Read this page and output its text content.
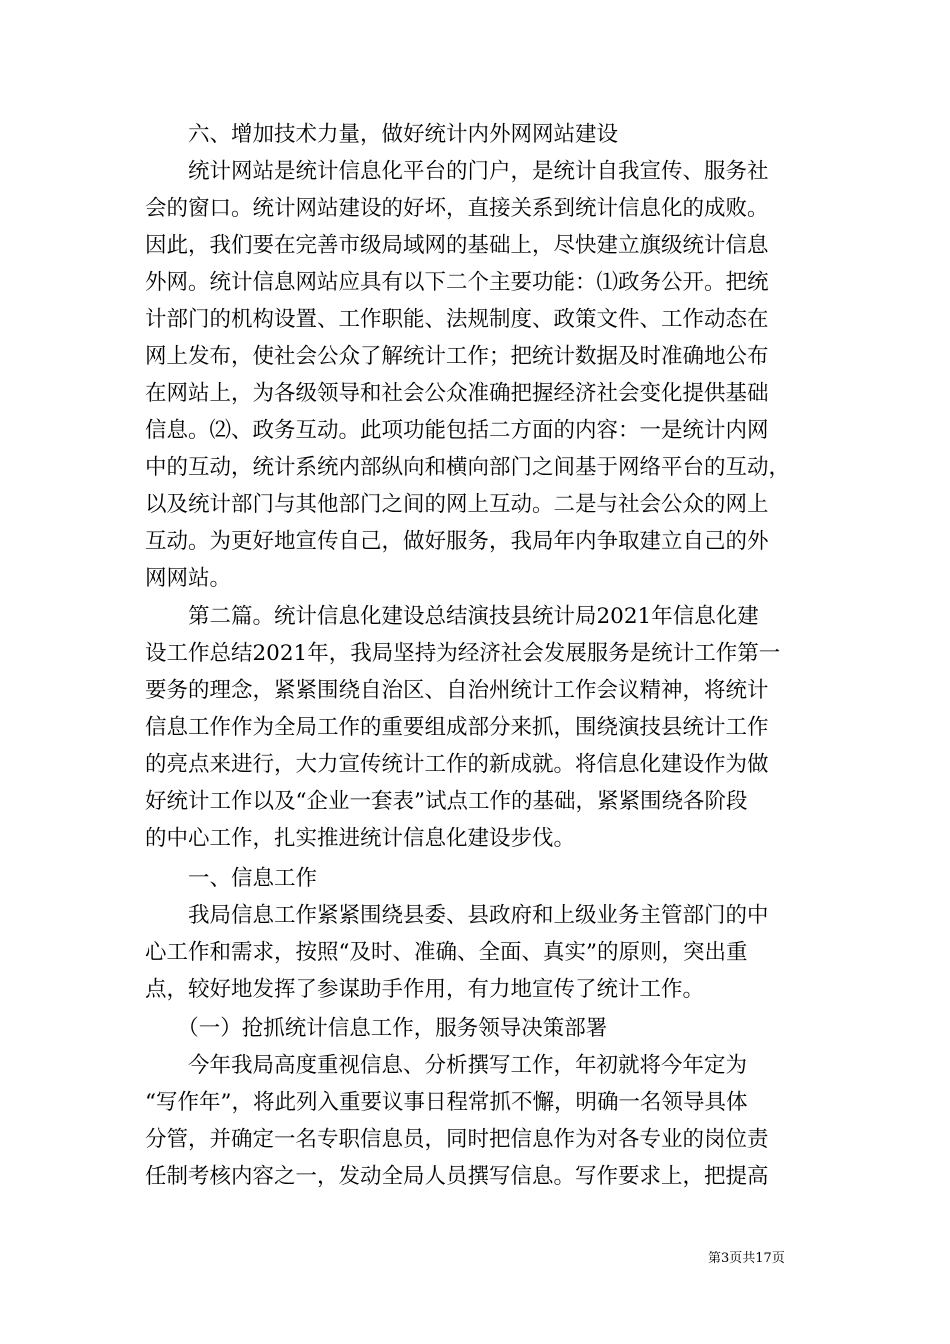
　　六、增加技术力量，做好统计内外网网站建设
　　统计网站是统计信息化平台的门户，是统计自我宣传、服务社
会的窗口。统计网站建设的好坏，直接关系到统计信息化的成败。
因此，我们要在完善市级局域网的基础上，尽快建立旗级统计信息
外网。统计信息网站应具有以下二个主要功能：⑴政务公开。把统
计部门的机构设置、工作职能、法规制度、政策文件、工作动态在
网上发布，使社会公众了解统计工作；把统计数据及时准确地公布
在网站上，为各级领导和社会公众准确把握经济社会变化提供基础
信息。⑵、政务互动。此项功能包括二方面的内容：一是统计内网
中的互动，统计系统内部纵向和横向部门之间基于网络平台的互动，
以及统计部门与其他部门之间的网上互动。二是与社会公众的网上
互动。为更好地宣传自己，做好服务，我局年内争取建立自己的外
网网站。
　　第二篇。统计信息化建设总结演技县统计局2021年信息化建
设工作总结2021年，我局坚持为经济社会发展服务是统计工作第一
要务的理念，紧紧围绕自治区、自治州统计工作会议精神，将统计
信息工作作为全局工作的重要组成部分来抓，围绕演技县统计工作
的亮点来进行，大力宣传统计工作的新成就。将信息化建设作为做
好统计工作以及“企业一套表”试点工作的基础，紧紧围绕各阶段
的中心工作，扎实推进统计信息化建设步伐。
　　一、信息工作
　　我局信息工作紧紧围绕县委、县政府和上级业务主管部门的中
心工作和需求，按照“及时、准确、全面、真实”的原则，突出重
点，较好地发挥了参谋助手作用，有力地宣传了统计工作。
　　（一）抢抓统计信息工作，服务领导决策部署
　　今年我局高度重视信息、分析撰写工作，年初就将今年定为
“写作年”，将此列入重要议事日程常抓不懈，明确一名领导具体
分管，并确定一名专职信息员，同时把信息作为对各专业的岗位责
任制考核内容之一，发动全局人员撰写信息。写作要求上，把提高
第3页共17页
